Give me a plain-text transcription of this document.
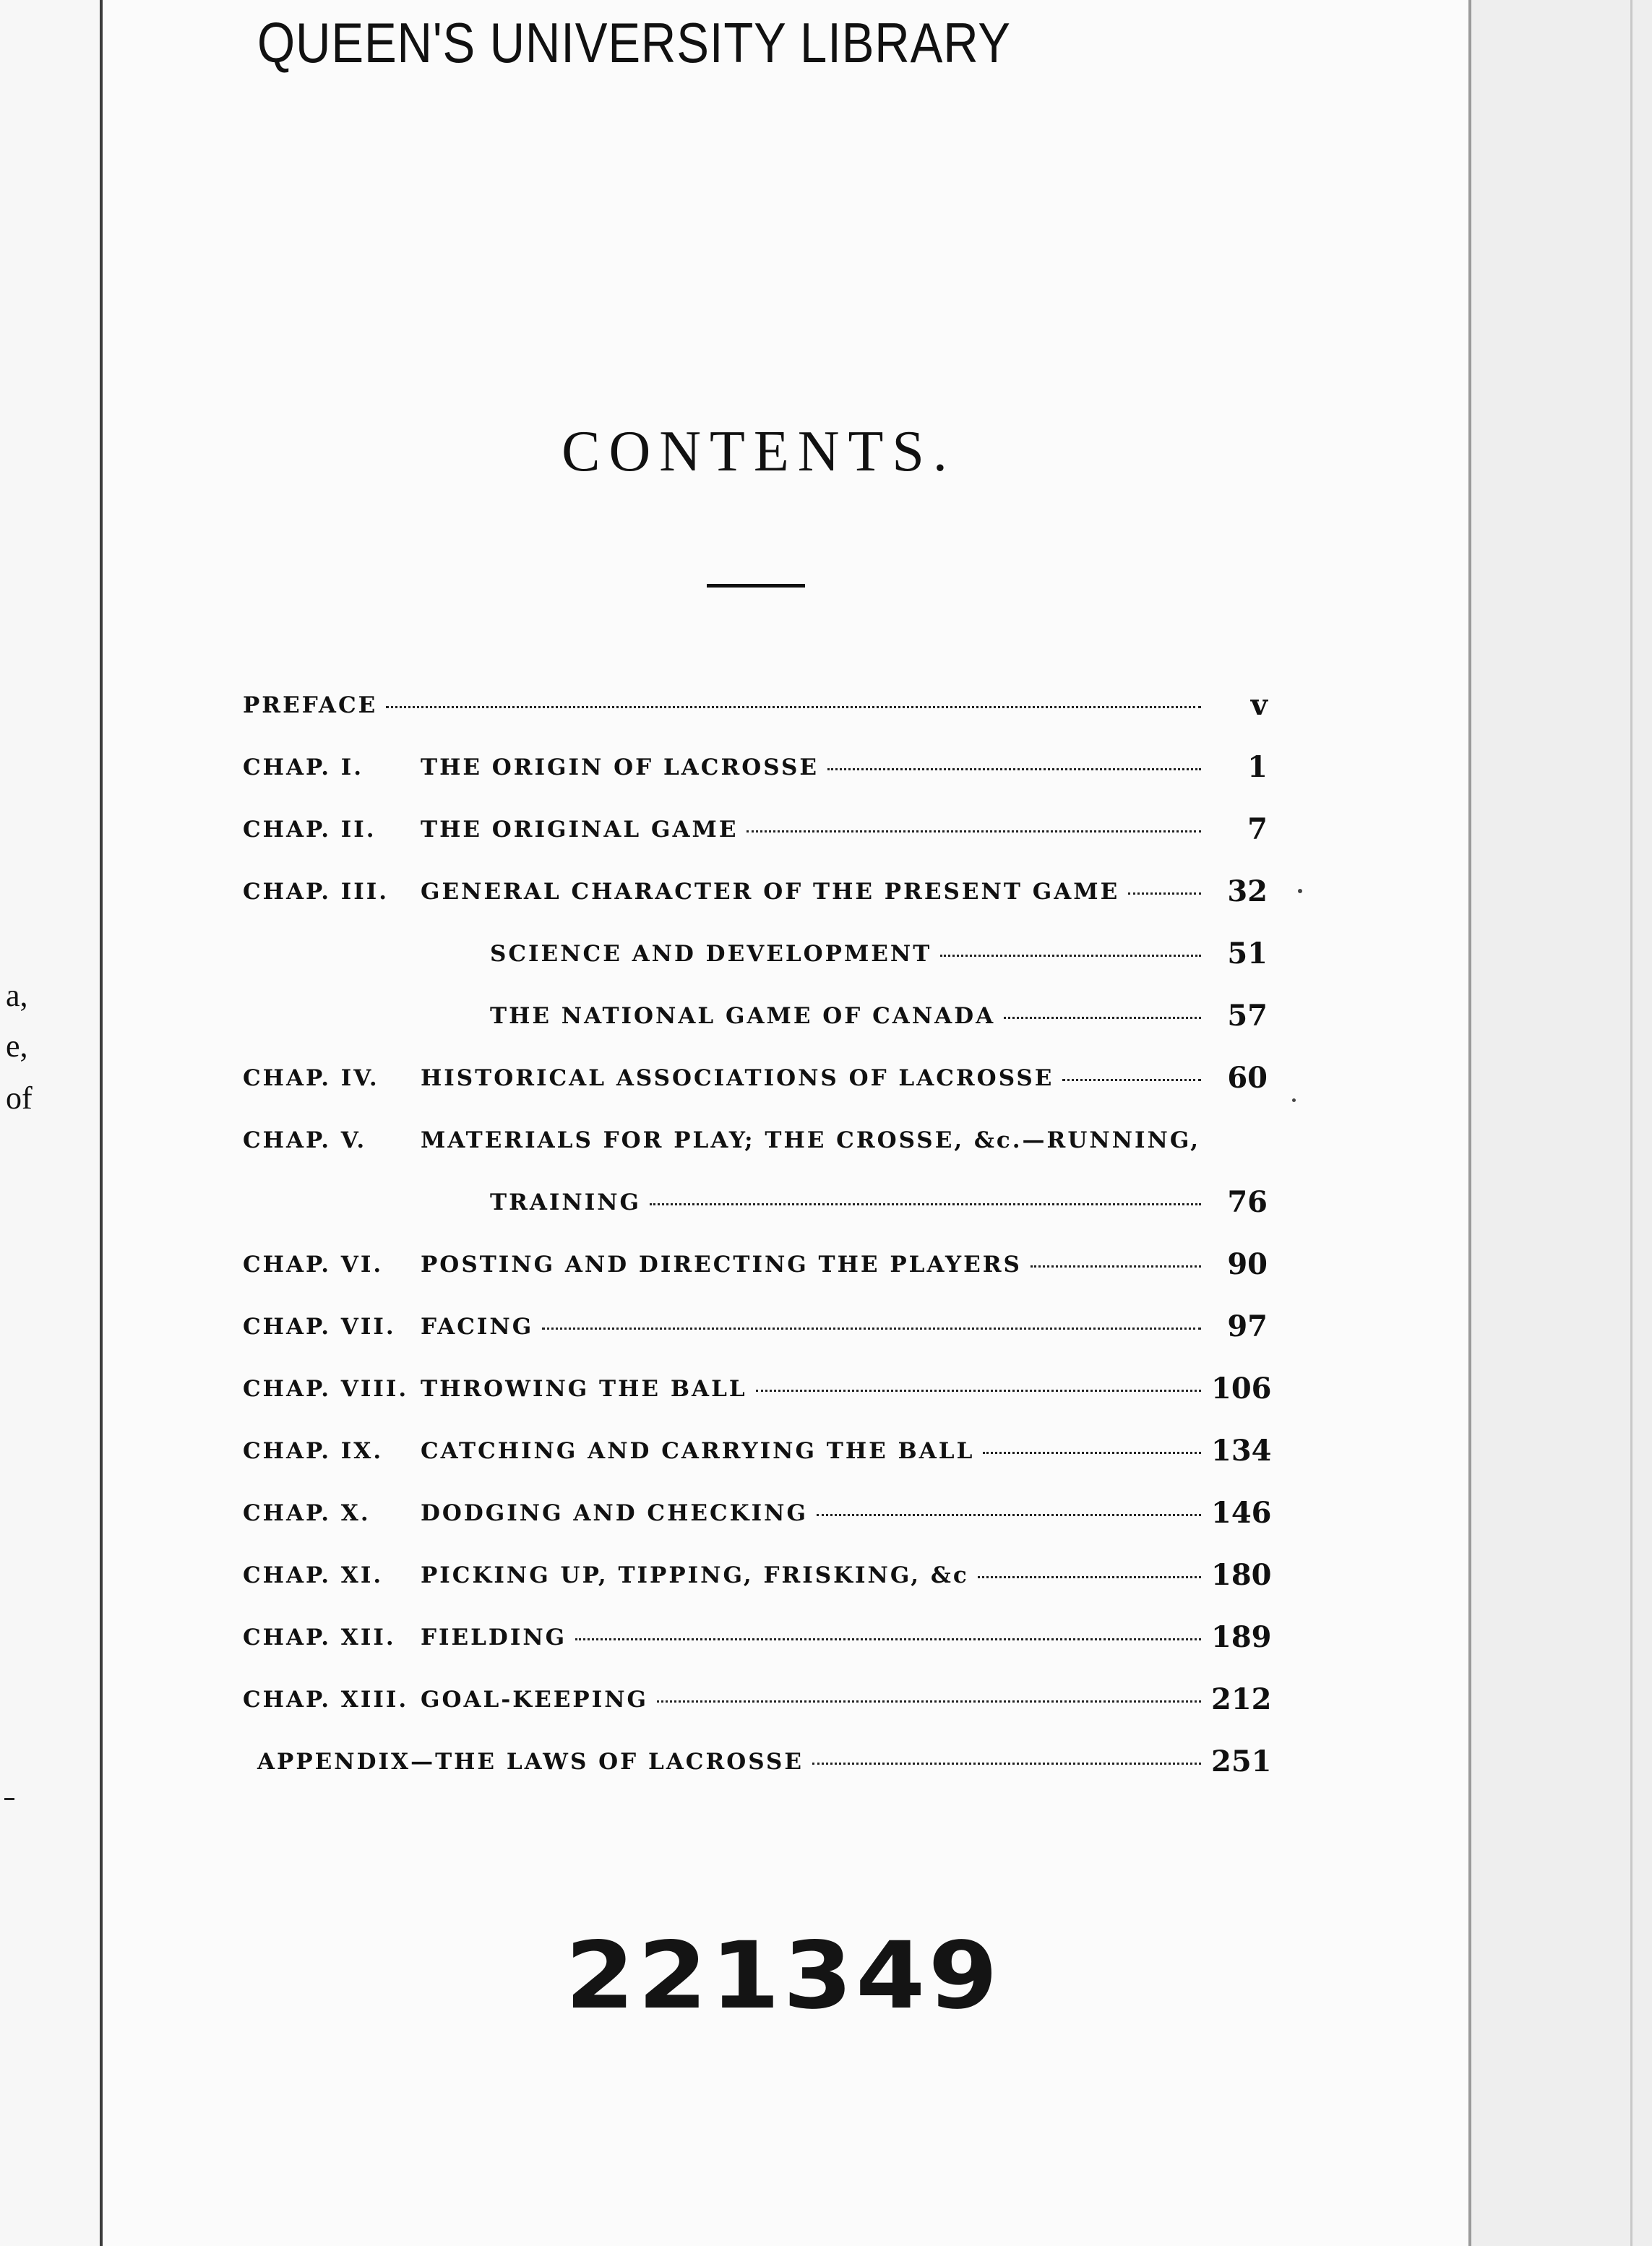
a,
e,
of
QUEEN'S UNIVERSITY LIBRARY
CONTENTS.
PREFACE	v
CHAP. I.	THE ORIGIN OF LACROSSE	1
CHAP. II. THE ORIGINAL GAME	7
CHAP. III. GENERAL CHARACTER OF THE PRESENT GAME	32
SCIENCE AND DEVELOPMENT	51
THE NATIONAL GAME OF CANADA	57
CHAP. IV. HISTORICAL ASSOCIATIONS OF LACROSSE	60
CHAP. V. MATERIALS FOR PLAY; THE CROSSE, &c.—RUNNING,
TRAINING	76
CHAP. VI. POSTING AND DIRECTING THE PLAYERS	90
CHAP. VII. FACING	97
CHAP. VIII. THROWING THE BALL	106
CHAP. IX. CATCHING AND CARRYING THE BALL	134
CHAP. X. DODGING AND CHECKING	146
CHAP. XI. PICKING UP, TIPPING, FRISKING, &c	180
CHAP. XII. FIELDING	189
CHAP. XIII. GOAL-KEEPING	212
APPENDIX—THE LAWS OF LACROSSE	251
221349
